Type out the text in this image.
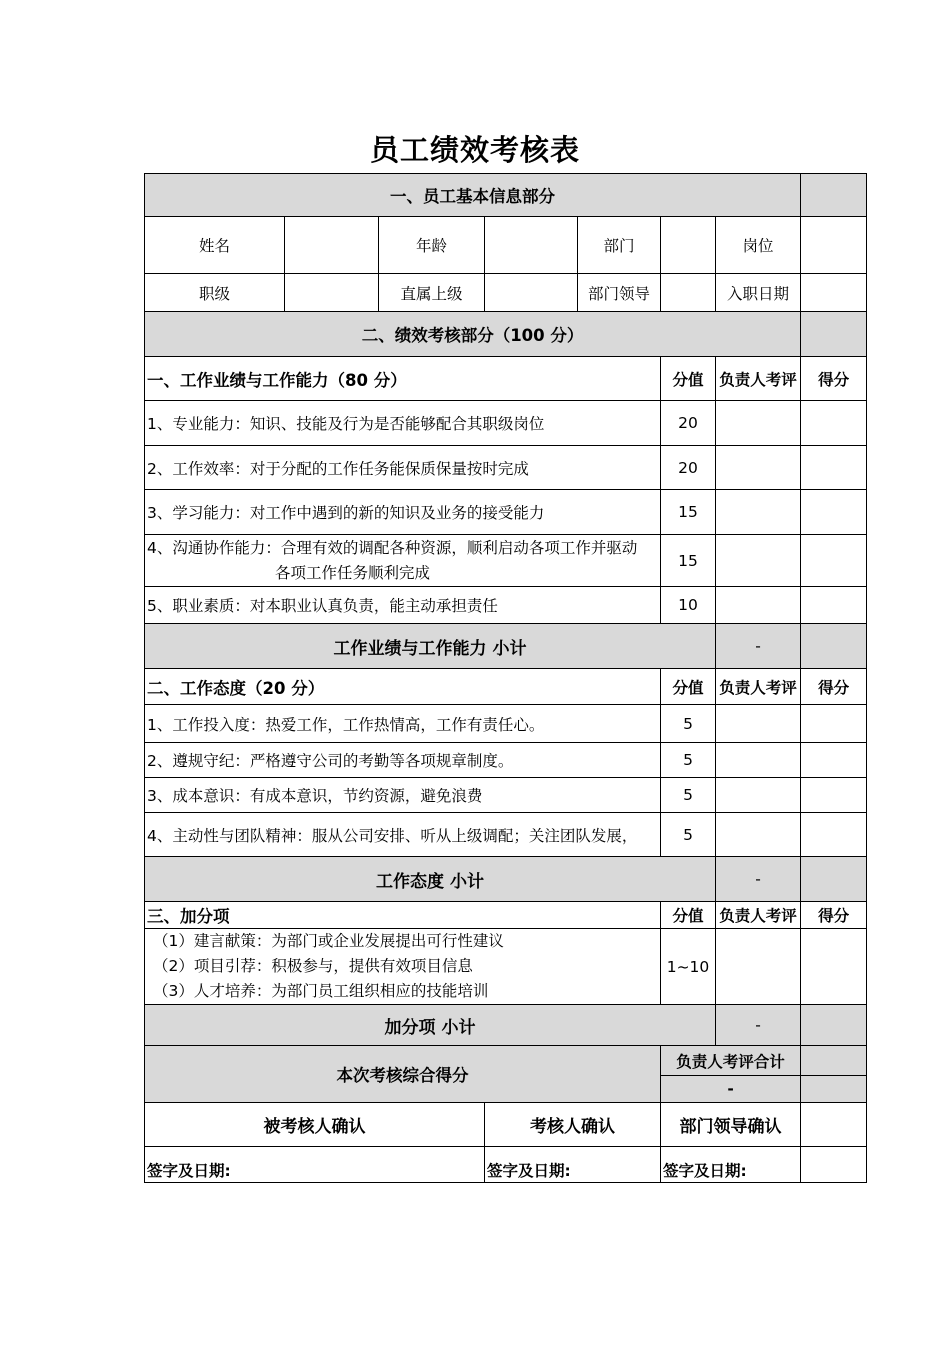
员工绩效考核表
一、员工基本信息部分							
姓名		年龄		部门		岗位	
职级		直属上级		部门领导		入职日期	
二、绩效考核部分（100 分）							
一、工作业绩与工作能力（80 分）					分值	负责人考评	得分
1、专业能力：知识、技能及行为是否能够配合其职级岗位					20		
2、工作效率：对于分配的工作任务能保质保量按时完成					20		
3、学习能力：对工作中遇到的新的知识及业务的接受能力					15		

4、沟通协作能力：合理有效的调配各种资源，顺利启动各项工作并驱动
各项工作任务顺利完成					15		
5、职业素质：对本职业认真负责，能主动承担责任					10		
工作业绩与工作能力 小计						-	
二、工作态度（20 分）					分值	负责人考评	得分
1、工作投入度：热爱工作，工作热情高，工作有责任心。					5		
2、遵规守纪：严格遵守公司的考勤等各项规章制度。					5		
3、成本意识：有成本意识，节约资源，避免浪费					5		
4、主动性与团队精神：服从公司安排、听从上级调配；关注团队发展，					5		
工作态度 小计						-	
三、加分项					分值	负责人考评	得分

（1）建言献策：为部门或企业发展提出可行性建议
（2）项目引荐：积极参与，提供有效项目信息
（3）人才培养：为部门员工组织相应的技能培训					1~10		
加分项 小计						-	
本次考核综合得分					负责人考评合计		
					-		
被考核人确认			考核人确认		部门领导确认		
签字及日期:			签字及日期:		签字及日期:		
